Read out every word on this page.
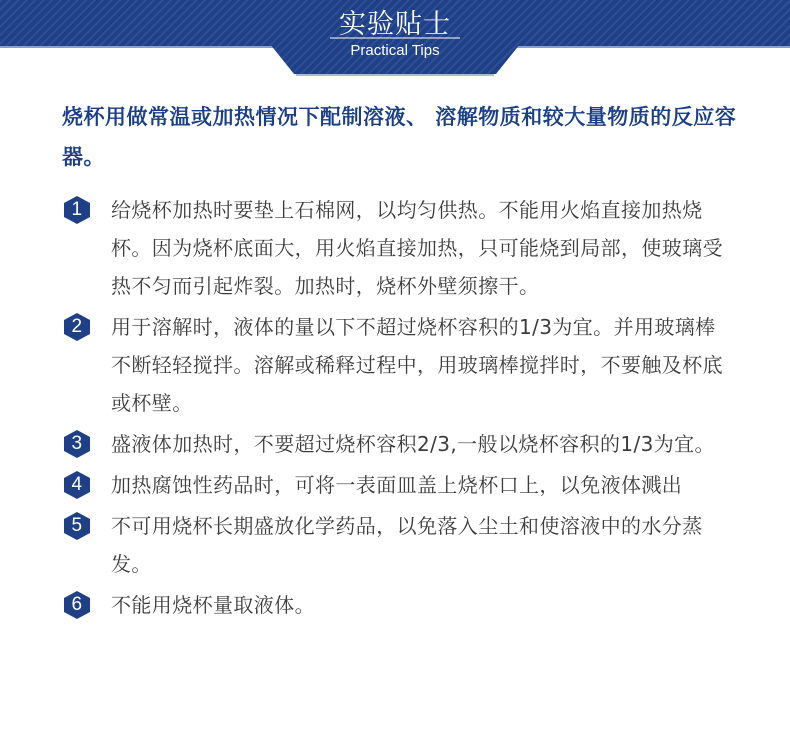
实验贴士
Practical Tips
烧杯用做常温或加热情况下配制溶液、 溶解物质和较大量物质的反应容器。
1	给烧杯加热时要垫上石棉网，以均匀供热。不能用火焰直接加热烧杯。因为烧杯底面大，用火焰直接加热，只可能烧到局部，使玻璃受热不匀而引起炸裂。加热时，烧杯外壁须擦干。
2	用于溶解时，液体的量以下不超过烧杯容积的1/3为宜。并用玻璃棒不断轻轻搅拌。溶解或稀释过程中，用玻璃棒搅拌时，不要触及杯底或杯壁。
3	盛液体加热时，不要超过烧杯容积2/3,一般以烧杯容积的1/3为宜。
4	加热腐蚀性药品时，可将一表面皿盖上烧杯口上，以免液体溅出
5	不可用烧杯长期盛放化学药品，以免落入尘土和使溶液中的水分蒸发。
6	不能用烧杯量取液体。
